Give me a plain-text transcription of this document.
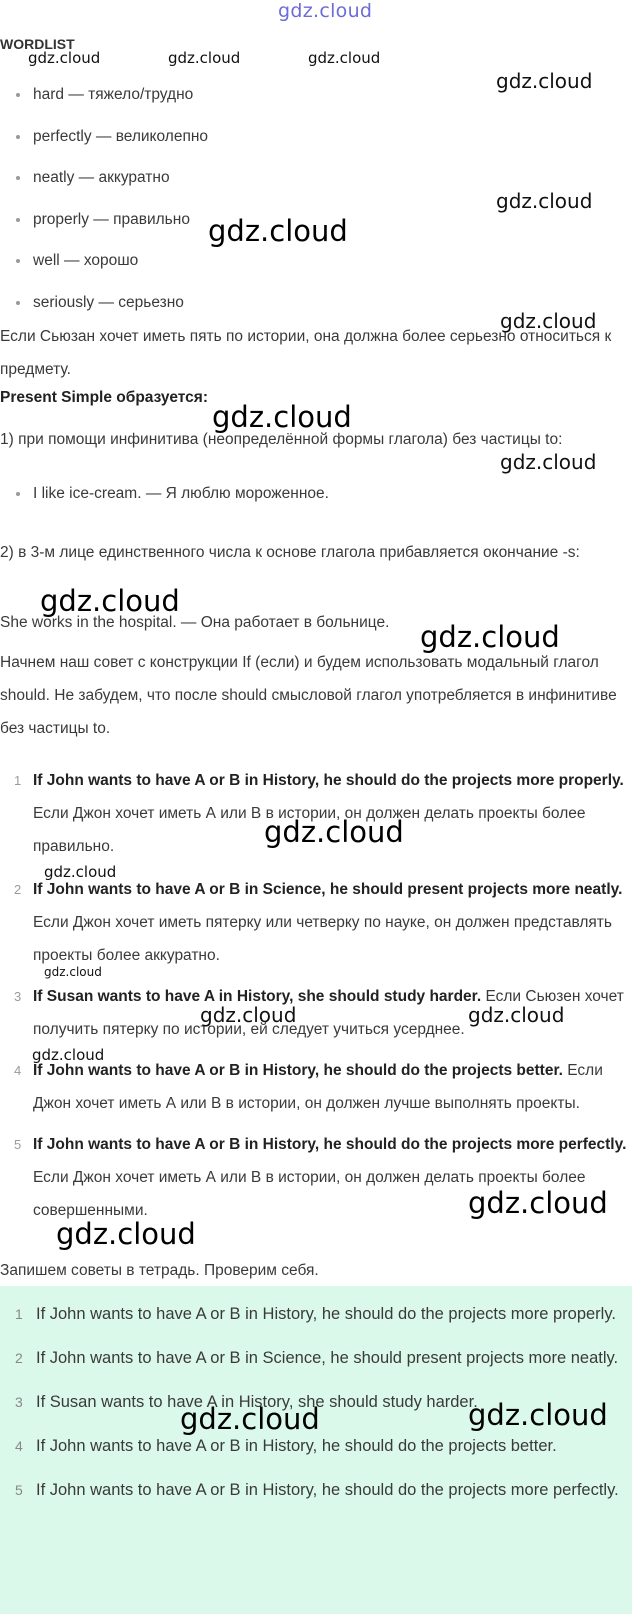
gdz.cloud
WORDLIST
hard — тяжело/трудно
perfectly — великолепно
neatly — аккуратно
properly — правильно
well — хорошо
seriously — серьезно
Если Сьюзан хочет иметь пять по истории, она должна более серьезно относиться к предмету.
Present Simple образуется:
1) при помощи инфинитива (неопределённой формы глагола) без частицы to:
I like ice-cream. — Я люблю мороженное.
2) в 3-м лице единственного числа к основе глагола прибавляется окончание -s:
She works in the hospital. — Она работает в больнице.
Начнем наш совет с конструкции If (если) и будем использовать модальный глагол should. Не забудем, что после should смысловой глагол употребляется в инфинитиве без частицы to.
1 If John wants to have A or B in History, he should do the projects more properly. Если Джон хочет иметь А или В в истории, он должен делать проекты более правильно.
2 If John wants to have A or B in Science, he should present projects more neatly. Если Джон хочет иметь пятерку или четверку по науке, он должен представлять проекты более аккуратно.
3 If Susan wants to have A in History, she should study harder. Если Сьюзен хочет получить пятерку по истории, ей следует учиться усерднее.
4 If John wants to have A or B in History, he should do the projects better. Если Джон хочет иметь А или В в истории, он должен лучше выполнять проекты.
5 If John wants to have A or B in History, he should do the projects more perfectly. Если Джон хочет иметь А или В в истории, он должен делать проекты более совершенными.
Запишем советы в тетрадь. Проверим себя.
1 If John wants to have A or B in History, he should do the projects more properly.
2 If John wants to have A or B in Science, he should present projects more neatly.
3 If Susan wants to have A in History, she should study harder.
4 If John wants to have A or B in History, he should do the projects better.
5 If John wants to have A or B in History, he should do the projects more perfectly.
gdz.cloud	gdz.cloud	gdz.cloud
gdz.cloud
gdz.cloud
gdz.cloud
gdz.cloud
gdz.cloud
gdz.cloud
gdz.cloud
gdz.cloud
gdz.cloud
gdz.cloud
gdz.cloud
gdz.cloud	gdz.cloud
gdz.cloud
gdz.cloud
gdz.cloud
gdz.cloud	gdz.cloud
